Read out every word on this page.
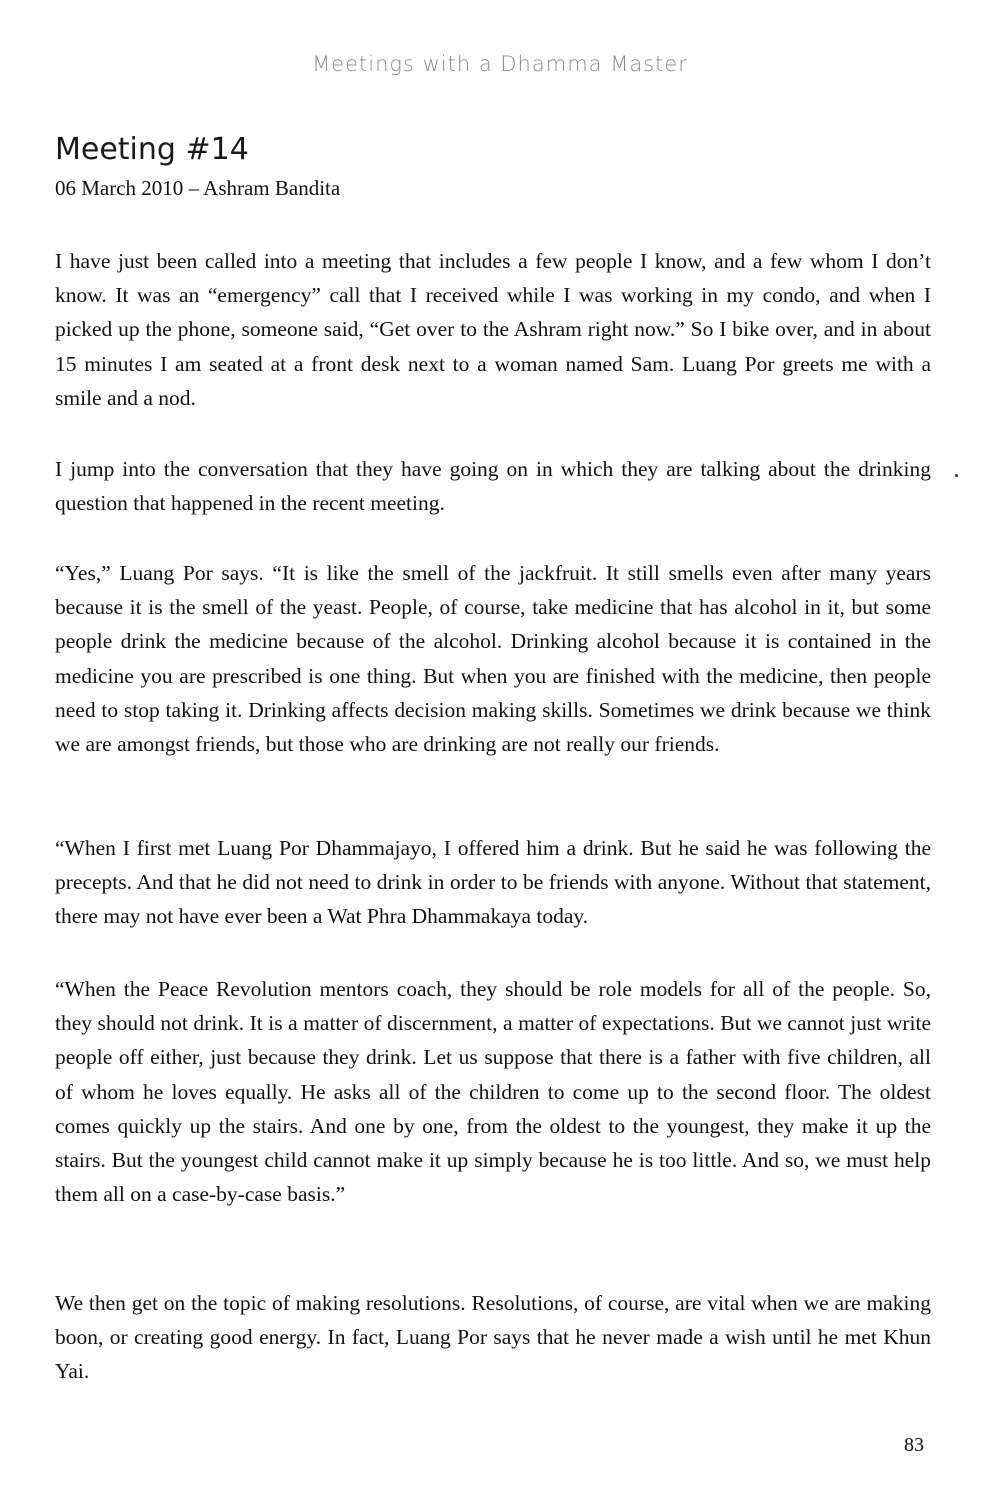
Meetings with a Dhamma Master
Meeting #14
06 March 2010 – Ashram Bandita

I have just been called into a meeting that includes a few people I know, and a few whom I don’t know. It was an “emergency” call that I received while I was working in my condo, and when I picked up the phone, someone said, “Get over to the Ashram right now.” So I bike over, and in about 15 minutes I am seated at a front desk next to a woman named Sam. Luang Por greets me with a smile and a nod.

I jump into the conversation that they have going on in which they are talking about the drinking question that happened in the recent meeting.

“Yes,” Luang Por says. “It is like the smell of the jackfruit. It still smells even after many years because it is the smell of the yeast. People, of course, take medicine that has alcohol in it, but some people drink the medicine because of the alcohol. Drinking alcohol because it is contained in the medicine you are prescribed is one thing. But when you are finished with the medicine, then people need to stop taking it. Drinking affects decision making skills. Sometimes we drink because we think we are amongst friends, but those who are drinking are not really our friends.

“When I first met Luang Por Dhammajayo, I offered him a drink. But he said he was following the precepts. And that he did not need to drink in order to be friends with anyone. Without that statement, there may not have ever been a Wat Phra Dhammakaya today.

“When the Peace Revolution mentors coach, they should be role models for all of the people. So, they should not drink. It is a matter of discernment, a matter of expectations. But we cannot just write people off either, just because they drink. Let us suppose that there is a father with five children, all of whom he loves equally. He asks all of the children to come up to the second floor. The oldest comes quickly up the stairs. And one by one, from the oldest to the youngest, they make it up the stairs. But the youngest child cannot make it up simply because he is too little. And so, we must help them all on a case-by-case basis.”

We then get on the topic of making resolutions. Resolutions, of course, are vital when we are making boon, or creating good energy. In fact, Luang Por says that he never made a wish until he met Khun Yai.

83
